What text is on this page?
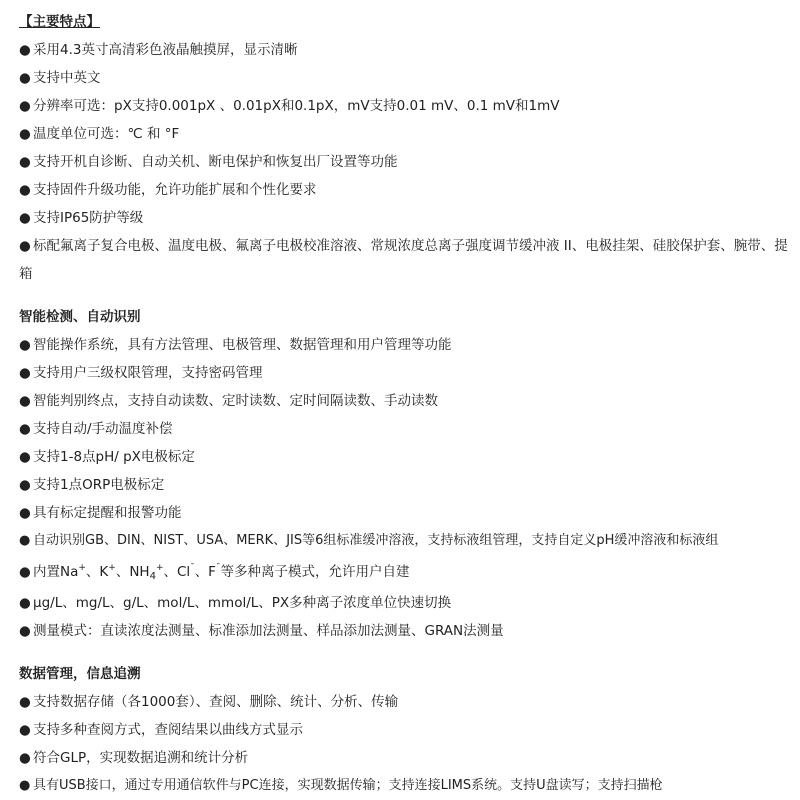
【主要特点】
● 采用4.3英寸高清彩色液晶触摸屏，显示清晰
● 支持中英文
● 分辨率可选：pX支持0.001pX 、0.01pX和0.1pX，mV支持0.01 mV、0.1 mV和1mV
● 温度单位可选：℃ 和 °F
● 支持开机自诊断、自动关机、断电保护和恢复出厂设置等功能
● 支持固件升级功能，允许功能扩展和个性化要求
● 支持IP65防护等级
● 标配氟离子复合电极、温度电极、氟离子电极校准溶液、常规浓度总离子强度调节缓冲液 II、电极挂架、硅胶保护套、腕带、提箱
智能检测、自动识别
● 智能操作系统，具有方法管理、电极管理、数据管理和用户管理等功能
● 支持用户三级权限管理，支持密码管理
● 智能判别终点，支持自动读数、定时读数、定时间隔读数、手动读数
● 支持自动/手动温度补偿
● 支持1-8点pH/ pX电极标定
● 支持1点ORP电极标定
● 具有标定提醒和报警功能
● 自动识别GB、DIN、NIST、USA、MERK、JIS等6组标准缓冲溶液，支持标液组管理，支持自定义pH缓冲溶液和标液组
● 内置Na+、K+、$NH_4^+$、$Cl^ˉ$、$F^ˉ$等多种离子模式，允许用户自建
● μg/L、mg/L、g/L、mol/L、mmol/L、PX多种离子浓度单位快速切换
● 测量模式：直读浓度法测量、标准添加法测量、样品添加法测量、GRAN法测量
数据管理，信息追溯
● 支持数据存储（各1000套）、查阅、删除、统计、分析、传输
● 支持多种查阅方式，查阅结果以曲线方式显示
● 符合GLP，实现数据追溯和统计分析
● 具有USB接口，通过专用通信软件与PC连接，实现数据传输；支持连接LIMS系统。支持U盘读写；支持扫描枪
